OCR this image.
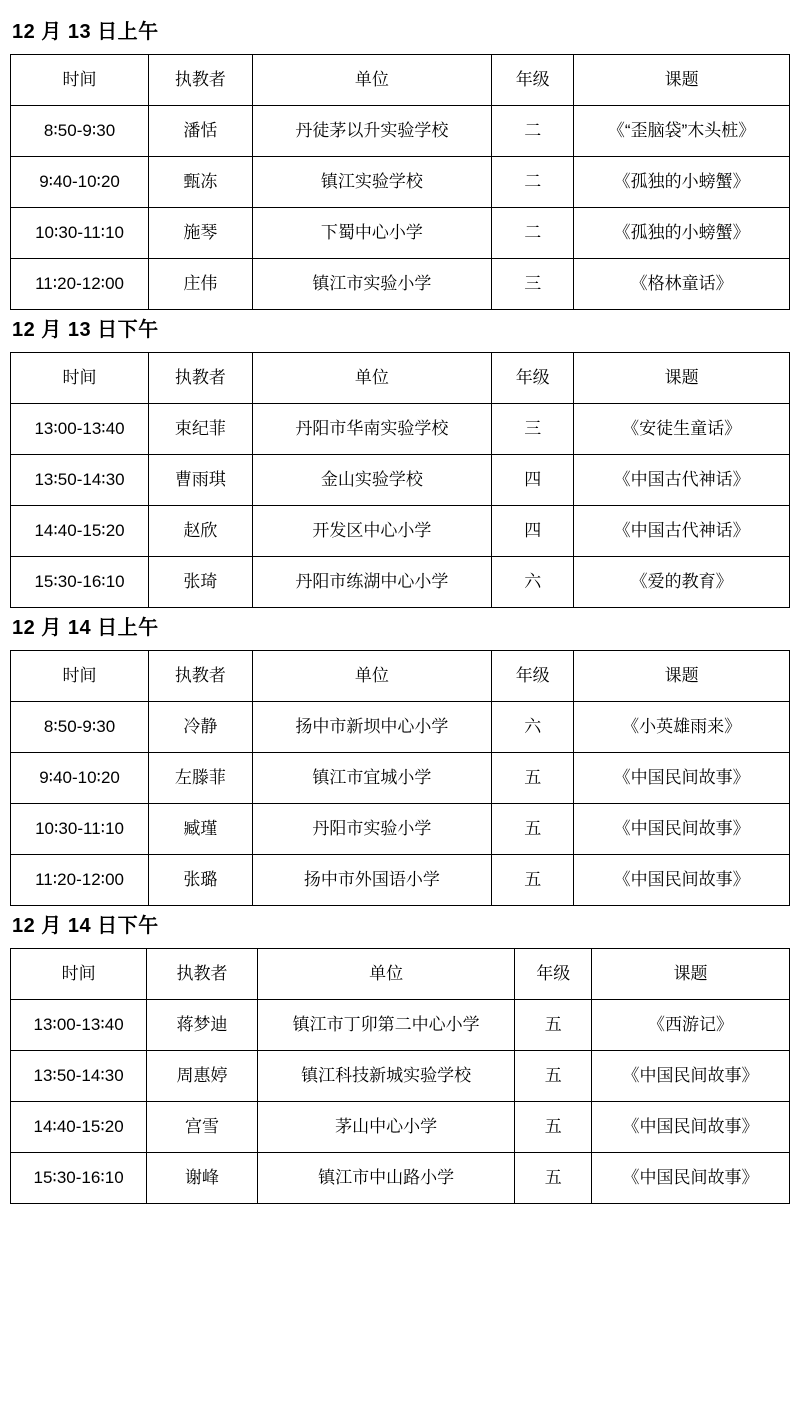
12 月 13 日上午
时间	执教者	单位	年级	课题
8∶50-9∶30	潘恬	丹徒茅以升实验学校	二	《“歪脑袋”木头桩》
9∶40-10∶20	甄冻	镇江实验学校	二	《孤独的小螃蟹》
10∶30-11∶10	施琴	下蜀中心小学	二	《孤独的小螃蟹》
11∶20-12∶00	庄伟	镇江市实验小学	三	《格林童话》
12 月 13 日下午
时间	执教者	单位	年级	课题
13∶00-13∶40	束纪菲	丹阳市华南实验学校	三	《安徒生童话》
13∶50-14∶30	曹雨琪	金山实验学校	四	《中国古代神话》
14∶40-15∶20	赵欣	开发区中心小学	四	《中国古代神话》
15∶30-16∶10	张琦	丹阳市练湖中心小学	六	《爱的教育》
12 月 14 日上午
时间	执教者	单位	年级	课题
8∶50-9∶30	冷静	扬中市新坝中心小学	六	《小英雄雨来》
9∶40-10∶20	左滕菲	镇江市宜城小学	五	《中国民间故事》
10∶30-11∶10	臧瑾	丹阳市实验小学	五	《中国民间故事》
11∶20-12∶00	张璐	扬中市外国语小学	五	《中国民间故事》
12 月 14 日下午
时间	执教者	单位	年级	课题
13∶00-13∶40	蒋梦迪	镇江市丁卯第二中心小学	五	《西游记》
13∶50-14∶30	周惠婷	镇江科技新城实验学校	五	《中国民间故事》
14∶40-15∶20	宫雪	茅山中心小学	五	《中国民间故事》
15∶30-16∶10	谢峰	镇江市中山路小学	五	《中国民间故事》
